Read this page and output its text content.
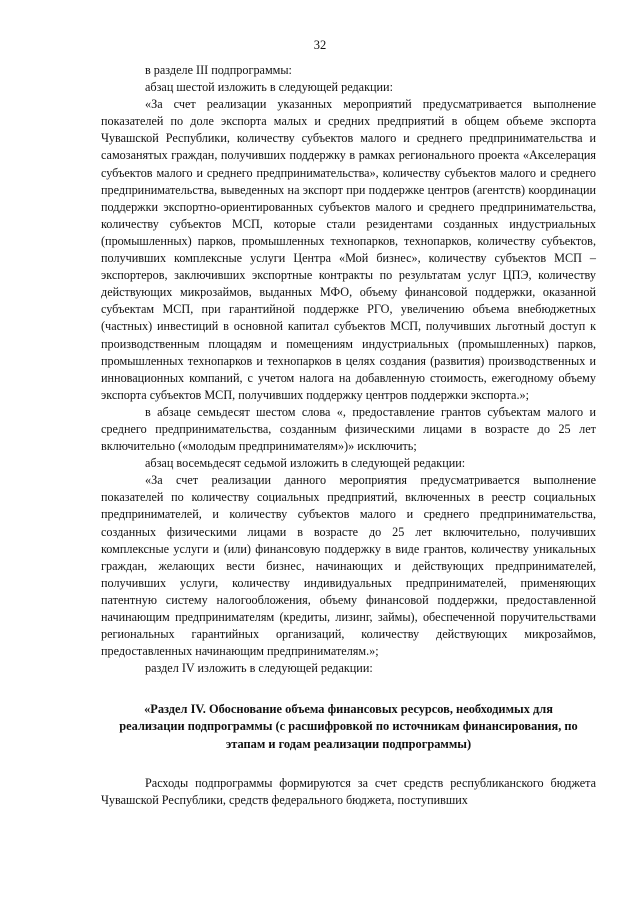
32

в разделе III подпрограммы:

абзац шестой изложить в следующей редакции:

«За счет реализации указанных мероприятий предусматривается выполнение показателей по доле экспорта малых и средних предприятий в общем объеме экспорта Чувашской Республики, количеству субъектов малого и среднего предпринимательства и самозанятых граждан, получивших поддержку в рамках регионального проекта «Акселерация субъектов малого и среднего предпринимательства», количеству субъектов малого и среднего предпринимательства, выведенных на экспорт при поддержке центров (агентств) координации поддержки экспортно-ориентированных субъектов малого и среднего предпринимательства, количеству субъектов МСП, которые стали резидентами созданных индустриальных (промышленных) парков, промышленных технопарков, технопарков, количеству субъектов, получивших комплексные услуги Центра «Мой бизнес», количеству субъектов МСП – экспортеров, заключивших экспортные контракты по результатам услуг ЦПЭ, количеству действующих микрозаймов, выданных МФО, объему финансовой поддержки, оказанной субъектам МСП, при гарантийной поддержке РГО, увеличению объема внебюджетных (частных) инвестиций в основной капитал субъектов МСП, получивших льготный доступ к производственным площадям и помещениям индустриальных (промышленных) парков, промышленных технопарков и технопарков в целях создания (развития) производственных и инновационных компаний, с учетом налога на добавленную стоимость, ежегодному объему экспорта субъектов МСП, получивших поддержку центров поддержки экспорта.»;

в абзаце семьдесят шестом слова «, предоставление грантов субъектам малого и среднего предпринимательства, созданным физическими лицами в возрасте до 25 лет включительно («молодым предпринимателям»)» исключить;

абзац восемьдесят седьмой изложить в следующей редакции:

«За счет реализации данного мероприятия предусматривается выполнение показателей по количеству социальных предприятий, включенных в реестр социальных предпринимателей, и количеству субъектов малого и среднего предпринимательства, созданных физическими лицами в возрасте до 25 лет включительно, получивших комплексные услуги и (или) финансовую поддержку в виде грантов, количеству уникальных граждан, желающих вести бизнес, начинающих и действующих предпринимателей, получивших услуги, количеству индивидуальных предпринимателей, применяющих патентную систему налогообложения, объему финансовой поддержки, предоставленной начинающим предпринимателям (кредиты, лизинг, займы), обеспеченной поручительствами региональных гарантийных организаций, количеству действующих микрозаймов, предоставленных начинающим предпринимателям.»;

раздел IV изложить в следующей редакции:

«Раздел IV. Обоснование объема финансовых ресурсов, необходимых для реализации подпрограммы (с расшифровкой по источникам финансирования, по этапам и годам реализации подпрограммы)

Расходы подпрограммы формируются за счет средств республиканского бюджета Чувашской Республики, средств федерального бюджета, поступивших
